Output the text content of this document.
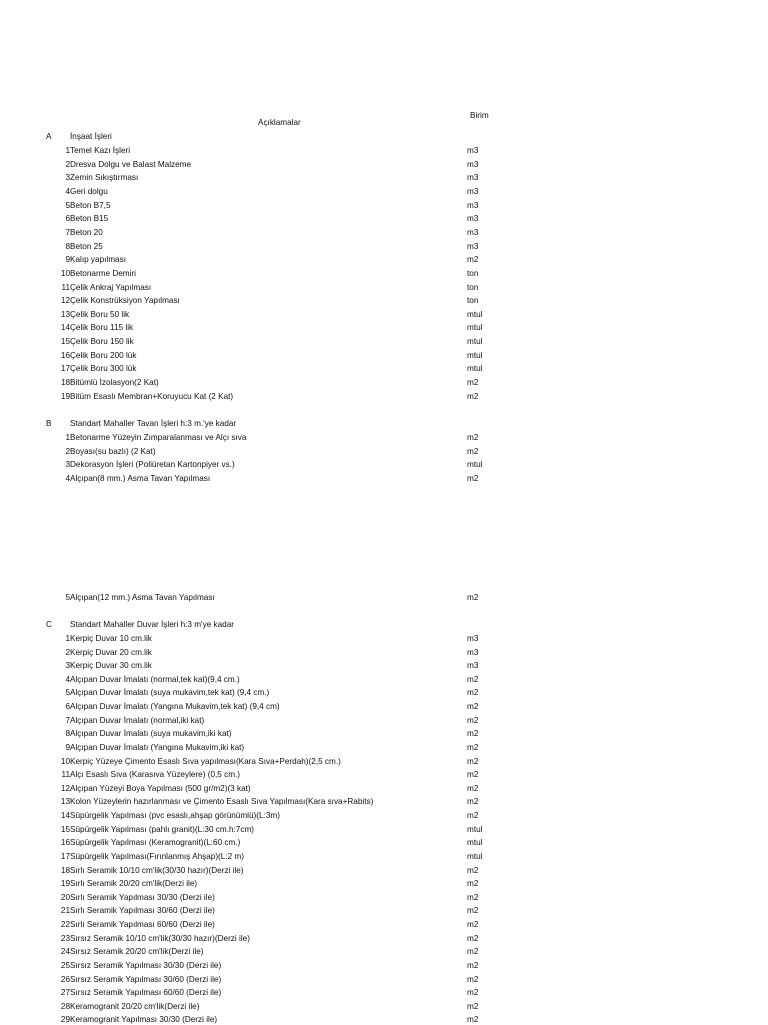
Birim
Açıklamalar
A İnşaat İşleri
1 Temel Kazı İşleri	m3
2 Dresva Dolgu ve Balast Malzeme	m3
3 Zemin Sıkıştırması	m3
4 Geri dolgu	m3
5 Beton B7,5	m3
6 Beton B15	m3
7 Beton 20	m3
8 Beton 25	m3
9 Kalıp yapılması	m2
10 Betonarme Demiri	ton
11 Çelik Ankraj Yapılması	ton
12 Çelik Konstrüksiyon Yapılması	ton
13 Çelik Boru 50 lik	mtul
14 Çelik Boru 115 lik	mtul
15 Çelik Boru 150 lik	mtul
16 Çelik Boru 200 lük	mtul
17 Çelik Boru 300 lük	mtul
18 Bitümlü İzolasyon(2 Kat)	m2
19 Bitüm Esaslı Membran+Koruyucu Kat (2 Kat)	m2
B Standart Mahaller Tavan İşleri h:3 m.'ye kadar
1 Betonarme Yüzeyin Zımparalanması ve Alçı sıva	m2
2 Boyası(su bazlı) (2 Kat)	m2
3 Dekorasyon İşleri (Poliüretan Kartonpiyer vs.)	mtul
4 Alçıpan(8 mm.) Asma Tavan Yapılması	m2
5 Alçıpan(12 mm.) Asma Tavan Yapılması	m2
C Standart Mahaller Duvar İşleri h:3 m'ye kadar
1 Kerpiç Duvar 10 cm.lik	m3
2 Kerpiç Duvar 20 cm.lik	m3
3 Kerpiç Duvar 30 cm.lik	m3
4 Alçıpan Duvar İmalatı (normal,tek kat)(9,4 cm.)	m2
5 Alçıpan Duvar İmalatı (suya mukavim,tek kat) (9,4 cm.)	m2
6 Alçıpan Duvar İmalatı (Yangına Mukavim,tek kat) (9,4 cm)	m2
7 Alçıpan Duvar İmalatı (normal,iki kat)	m2
8 Alçıpan Duvar İmalatı (suya mukavim,iki kat)	m2
9 Alçıpan Duvar İmalatı (Yangına Mukavim,iki kat)	m2
10 Kerpiç Yüzeye Çimento Esaslı Sıva yapılması(Kara Sıva+Perdah)(2,5 cm.)	m2
11 Alçı Esaslı Sıva (Karasıva Yüzeylere) (0,5 cm.)	m2
12 Alçıpan Yüzeyi Boya Yapılması (500 gr/m2)(3 kat)	m2
13 Kolon Yüzeylerin hazırlanması ve Çimento Esaslı Sıva Yapılması(Kara sıva+Rabits)	m2
14 Süpürgelik Yapılması (pvc esaslı,ahşap görünümlü)(L:3m)	m2
15 Süpürgelik Yapılması (pahlı granit)(L:30 cm.h:7cm)	mtul
16 Süpürgelik Yapılması (Keramogranit)(L:60 cm.)	mtul
17 Süpürgelik Yapılması(Fırınlanmış Ahşap)(L:2 m)	mtul
18 Sırlı Seramik 10/10 cm'lik(30/30 hazır)(Derzi ile)	m2
19 Sırlı Seramik 20/20 cm'lik(Derzi ile)	m2
20 Sırlı Seramik Yapılması 30/30 (Derzi ile)	m2
21 Sırlı Seramik Yapılması 30/60 (Derzi ile)	m2
22 Sırlı Seramik Yapılması 60/60 (Derzi ile)	m2
23 Sırsız Seramik 10/10 cm'lik(30/30 hazır)(Derzi ile)	m2
24 Sırsız Seramik 20/20 cm'lik(Derzi ile)	m2
25 Sırsız Seramik Yapılması 30/30 (Derzi ile)	m2
26 Sırsız Seramik Yapılması 30/60 (Derzi ile)	m2
27 Sırsız Seramik Yapılması 60/60 (Derzi ile)	m2
28 Keramogranit 20/20 cm'lik(Derzi ile)	m2
29 Keramogranit Yapılması 30/30 (Derzi ile)	m2
